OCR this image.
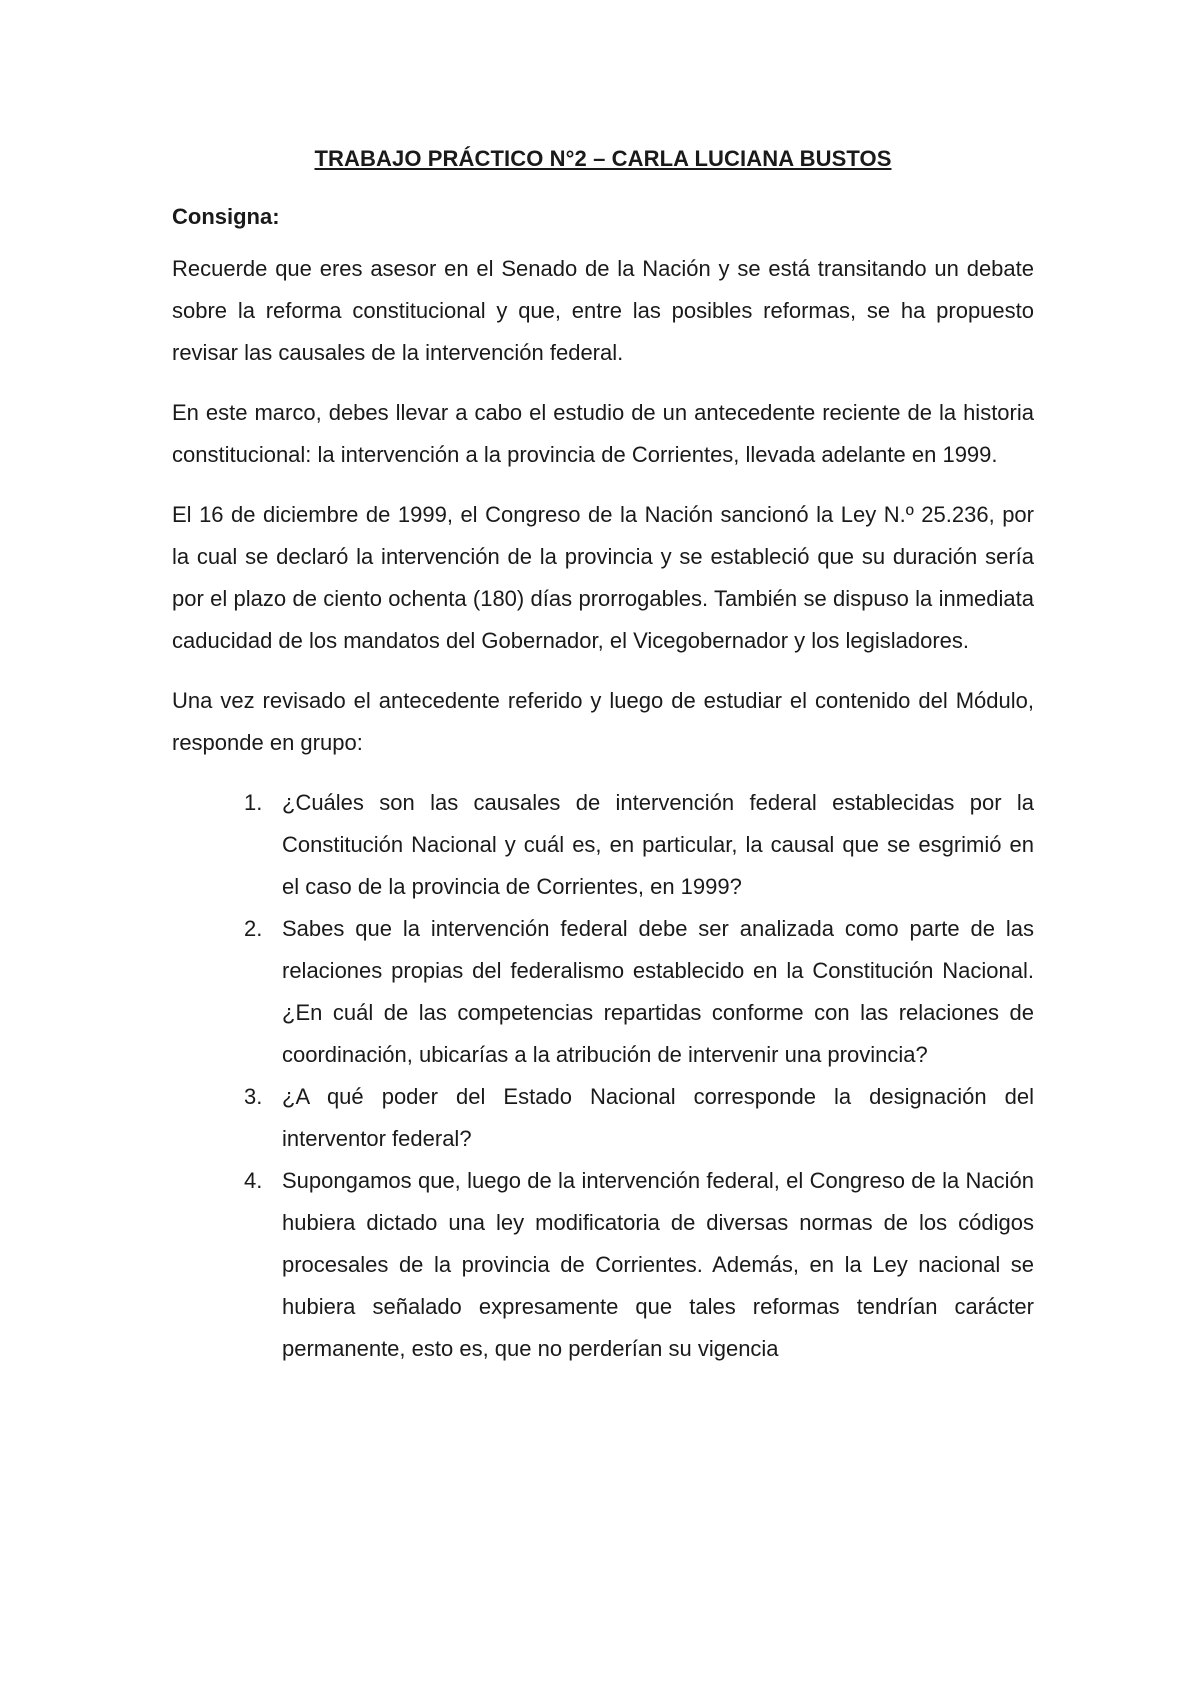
TRABAJO PRÁCTICO N°2 – CARLA LUCIANA BUSTOS
Consigna:

Recuerde que eres asesor en el Senado de la Nación y se está transitando un debate sobre la reforma constitucional y que, entre las posibles reformas, se ha propuesto revisar las causales de la intervención federal.

En este marco, debes llevar a cabo el estudio de un antecedente reciente de la historia constitucional: la intervención a la provincia de Corrientes, llevada adelante en 1999.

El 16 de diciembre de 1999, el Congreso de la Nación sancionó la Ley N.º 25.236, por la cual se declaró la intervención de la provincia y se estableció que su duración sería por el plazo de ciento ochenta (180) días prorrogables. También se dispuso la inmediata caducidad de los mandatos del Gobernador, el Vicegobernador y los legisladores.

Una vez revisado el antecedente referido y luego de estudiar el contenido del Módulo, responde en grupo:

1. ¿Cuáles son las causales de intervención federal establecidas por la Constitución Nacional y cuál es, en particular, la causal que se esgrimió en el caso de la provincia de Corrientes, en 1999?
2. Sabes que la intervención federal debe ser analizada como parte de las relaciones propias del federalismo establecido en la Constitución Nacional. ¿En cuál de las competencias repartidas conforme con las relaciones de coordinación, ubicarías a la atribución de intervenir una provincia?
3. ¿A qué poder del Estado Nacional corresponde la designación del interventor federal?
4. Supongamos que, luego de la intervención federal, el Congreso de la Nación hubiera dictado una ley modificatoria de diversas normas de los códigos procesales de la provincia de Corrientes. Además, en la Ley nacional se hubiera señalado expresamente que tales reformas tendrían carácter permanente, esto es, que no perderían su vigencia
